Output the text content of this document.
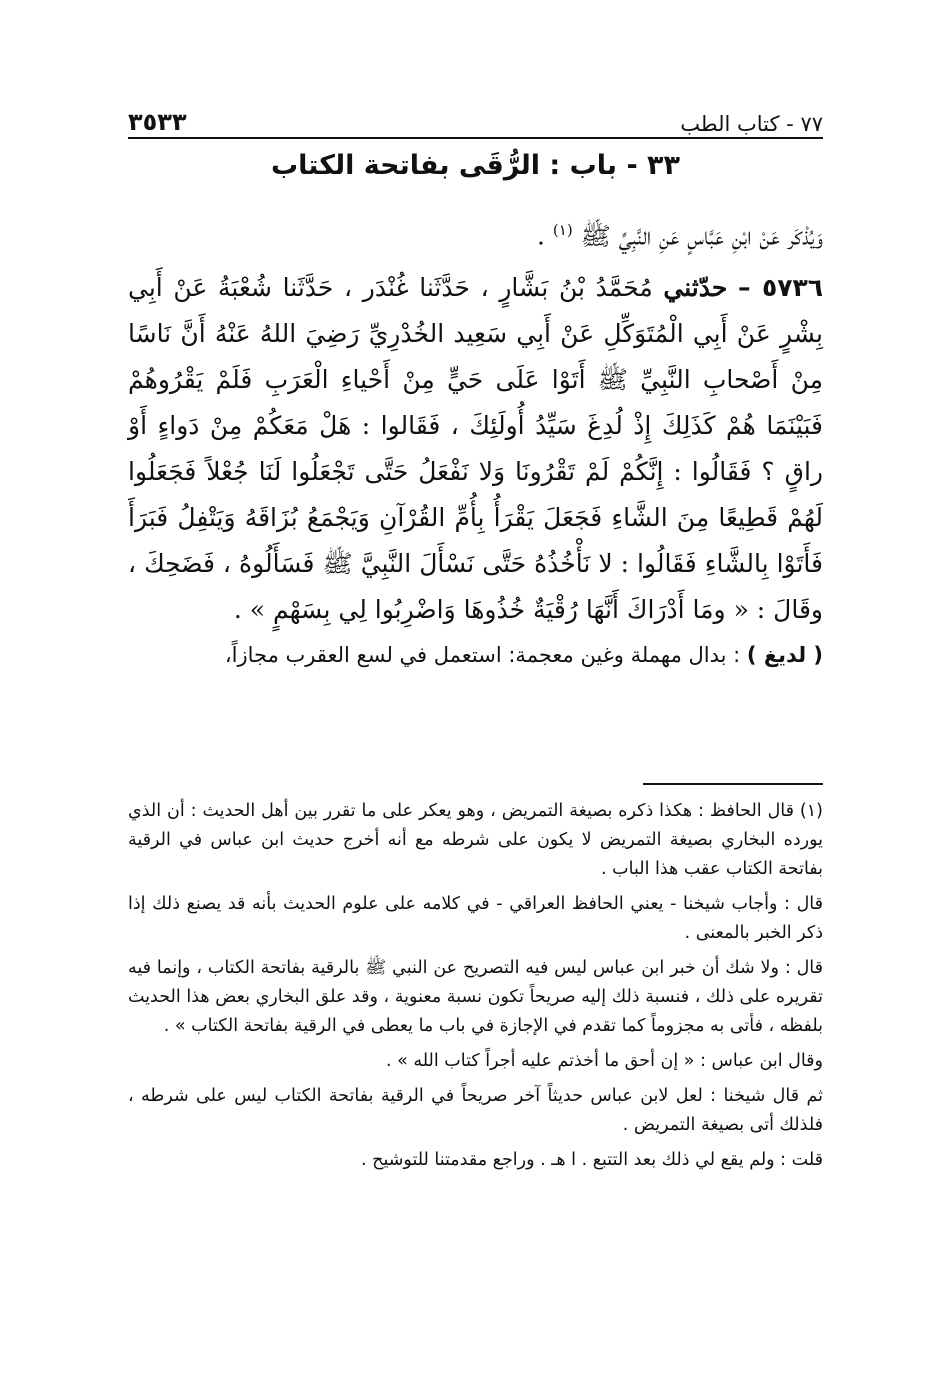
٧٧ - كتاب الطب
٣٥٣٣
٣٣ - باب : الرُّقَى بفاتحة الكتاب

وَيُذْكَر عَنْ ابْنِ عَبَّاسٍ عَنِ النَّبِيِّ ﷺ $^{(١)}$ .

٥٧٣٦ – حدّثني مُحَمَّدُ بْنُ بَشَّارٍ ، حَدَّثَنا غُنْدَر ، حَدَّثَنا شُعْبَةُ عَنْ أَبِي بِشْرٍ عَنْ أَبِي الْمُتَوَكِّلِ عَنْ أَبِي سَعِيد الخُدْرِيِّ رَضِيَ اللهُ عَنْهُ أَنَّ نَاسًا مِنْ أَصْحابِ النَّبِيِّ ﷺ أَتَوْا عَلَى حَيٍّ مِنْ أَحْياءِ الْعَرَبِ فَلَمْ يَقْرُوهُمْ فَبَيْنَمَا هُمْ كَذَلِكَ إِذْ لُدِغَ سَيِّدُ أُولَئِكَ ، فَقَالوا : هَلْ مَعَكُمْ مِنْ دَواءٍ أَوْ راقٍ ؟ فَقَالُوا : إِنَّكُمْ لَمْ تَقْرُونَا وَلا نَفْعَلُ حَتَّى تَجْعَلُوا لَنَا جُعْلاً فَجَعَلُوا لَهُمْ قَطِيعًا مِنَ الشَّاءِ فَجَعَلَ يَقْرَأُ بِأُمِّ القُرْآنِ وَيَجْمَعُ بُزَاقَهُ وَيَتْفِلُ فَبَرَأَ فَأَتَوْا بِالشَّاءِ فَقَالُوا : لا نَأْخُذُهُ حَتَّى نَسْأَلَ النَّبِيَّ ﷺ فَسَأَلُوهُ ، فَضَحِكَ ، وقَالَ : « ومَا أَدْرَاكَ أَنَّهَا رُقْيَةٌ خُذُوهَا وَاضْرِبُوا لِي بِسَهْمٍ » .

( لديغ ) : بدال مهملة وغين معجمة: استعمل في لسع العقرب مجازاً،

(١) قال الحافظ : هكذا ذكره بصيغة التمريض ، وهو يعكر على ما تقرر بين أهل الحديث : أن الذي يورده البخاري بصيغة التمريض لا يكون على شرطه مع أنه أخرج حديث ابن عباس في الرقية بفاتحة الكتاب عقب هذا الباب .

قال : وأجاب شيخنا - يعني الحافظ العراقي - في كلامه على علوم الحديث بأنه قد يصنع ذلك إذا ذكر الخبر بالمعنى .

قال : ولا شك أن خبر ابن عباس ليس فيه التصريح عن النبي ﷺ بالرقية بفاتحة الكتاب ، وإنما فيه تقريره على ذلك ، فنسبة ذلك إليه صريحاً تكون نسبة معنوية ، وقد علق البخاري بعض هذا الحديث بلفظه ، فأتى به مجزوماً كما تقدم في الإجازة في باب ما يعطى في الرقية بفاتحة الكتاب » .

وقال ابن عباس : « إن أحق ما أخذتم عليه أجراً كتاب الله » .

ثم قال شيخنا : لعل لابن عباس حديثاً آخر صريحاً في الرقية بفاتحة الكتاب ليس على شرطه ، فلذلك أتى بصيغة التمريض .

قلت : ولم يقع لي ذلك بعد التتبع . ا هـ . وراجع مقدمتنا للتوشيح .
